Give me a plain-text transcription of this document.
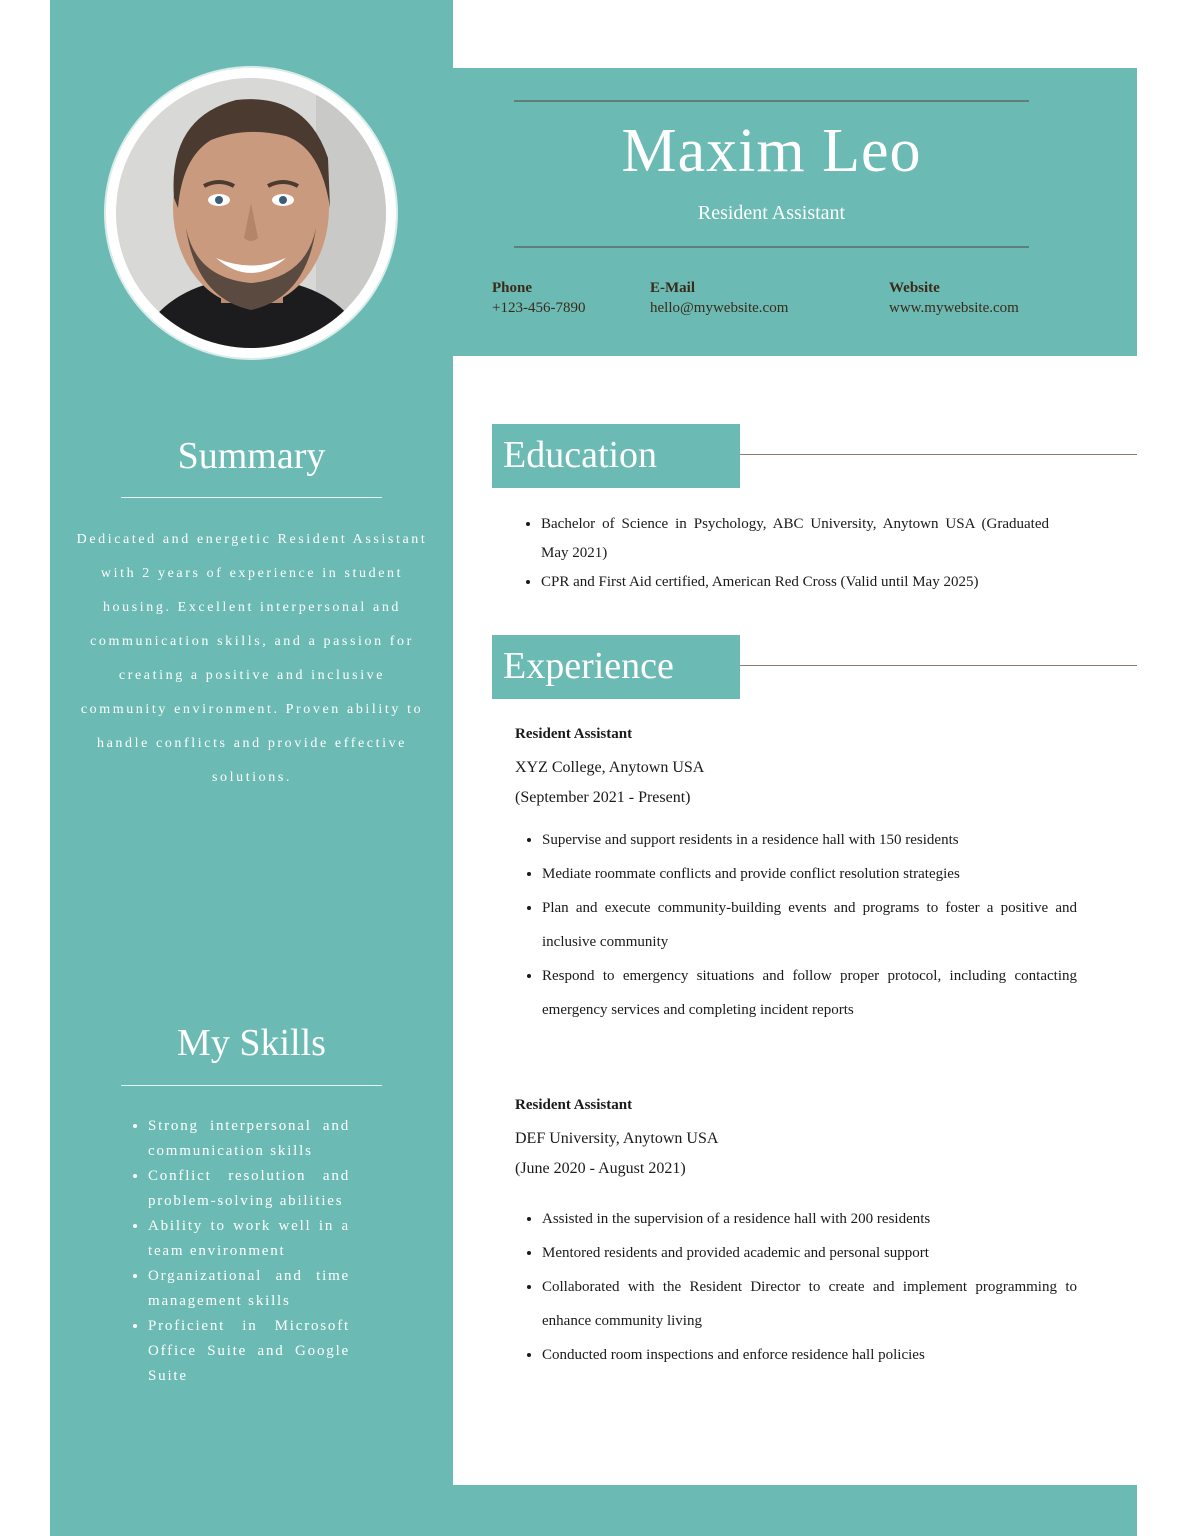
Summary

Dedicated and energetic Resident Assistant with 2 years of experience in student housing. Excellent interpersonal and communication skills, and a passion for creating a positive and inclusive community environment. Proven ability to handle conflicts and provide effective solutions.

My Skills
• Strong interpersonal and communication skills
• Conflict resolution and problem-solving abilities
• Ability to work well in a team environment
• Organizational and time management skills
• Proficient in Microsoft Office Suite and Google Suite
Maxim Leo
Resident Assistant
Phone
+123-456-7890
E-Mail
hello@mywebsite.com
Website
www.mywebsite.com
Education
• Bachelor of Science in Psychology, ABC University, Anytown USA (Graduated May 2021)
• CPR and First Aid certified, American Red Cross (Valid until May 2025)
Experience
Resident Assistant
XYZ College, Anytown USA
(September 2021 - Present)
• Supervise and support residents in a residence hall with 150 residents
• Mediate roommate conflicts and provide conflict resolution strategies
• Plan and execute community-building events and programs to foster a positive and inclusive community
• Respond to emergency situations and follow proper protocol, including contacting emergency services and completing incident reports
Resident Assistant
DEF University, Anytown USA
(June 2020 - August 2021)
• Assisted in the supervision of a residence hall with 200 residents
• Mentored residents and provided academic and personal support
• Collaborated with the Resident Director to create and implement programming to enhance community living
• Conducted room inspections and enforce residence hall policies
